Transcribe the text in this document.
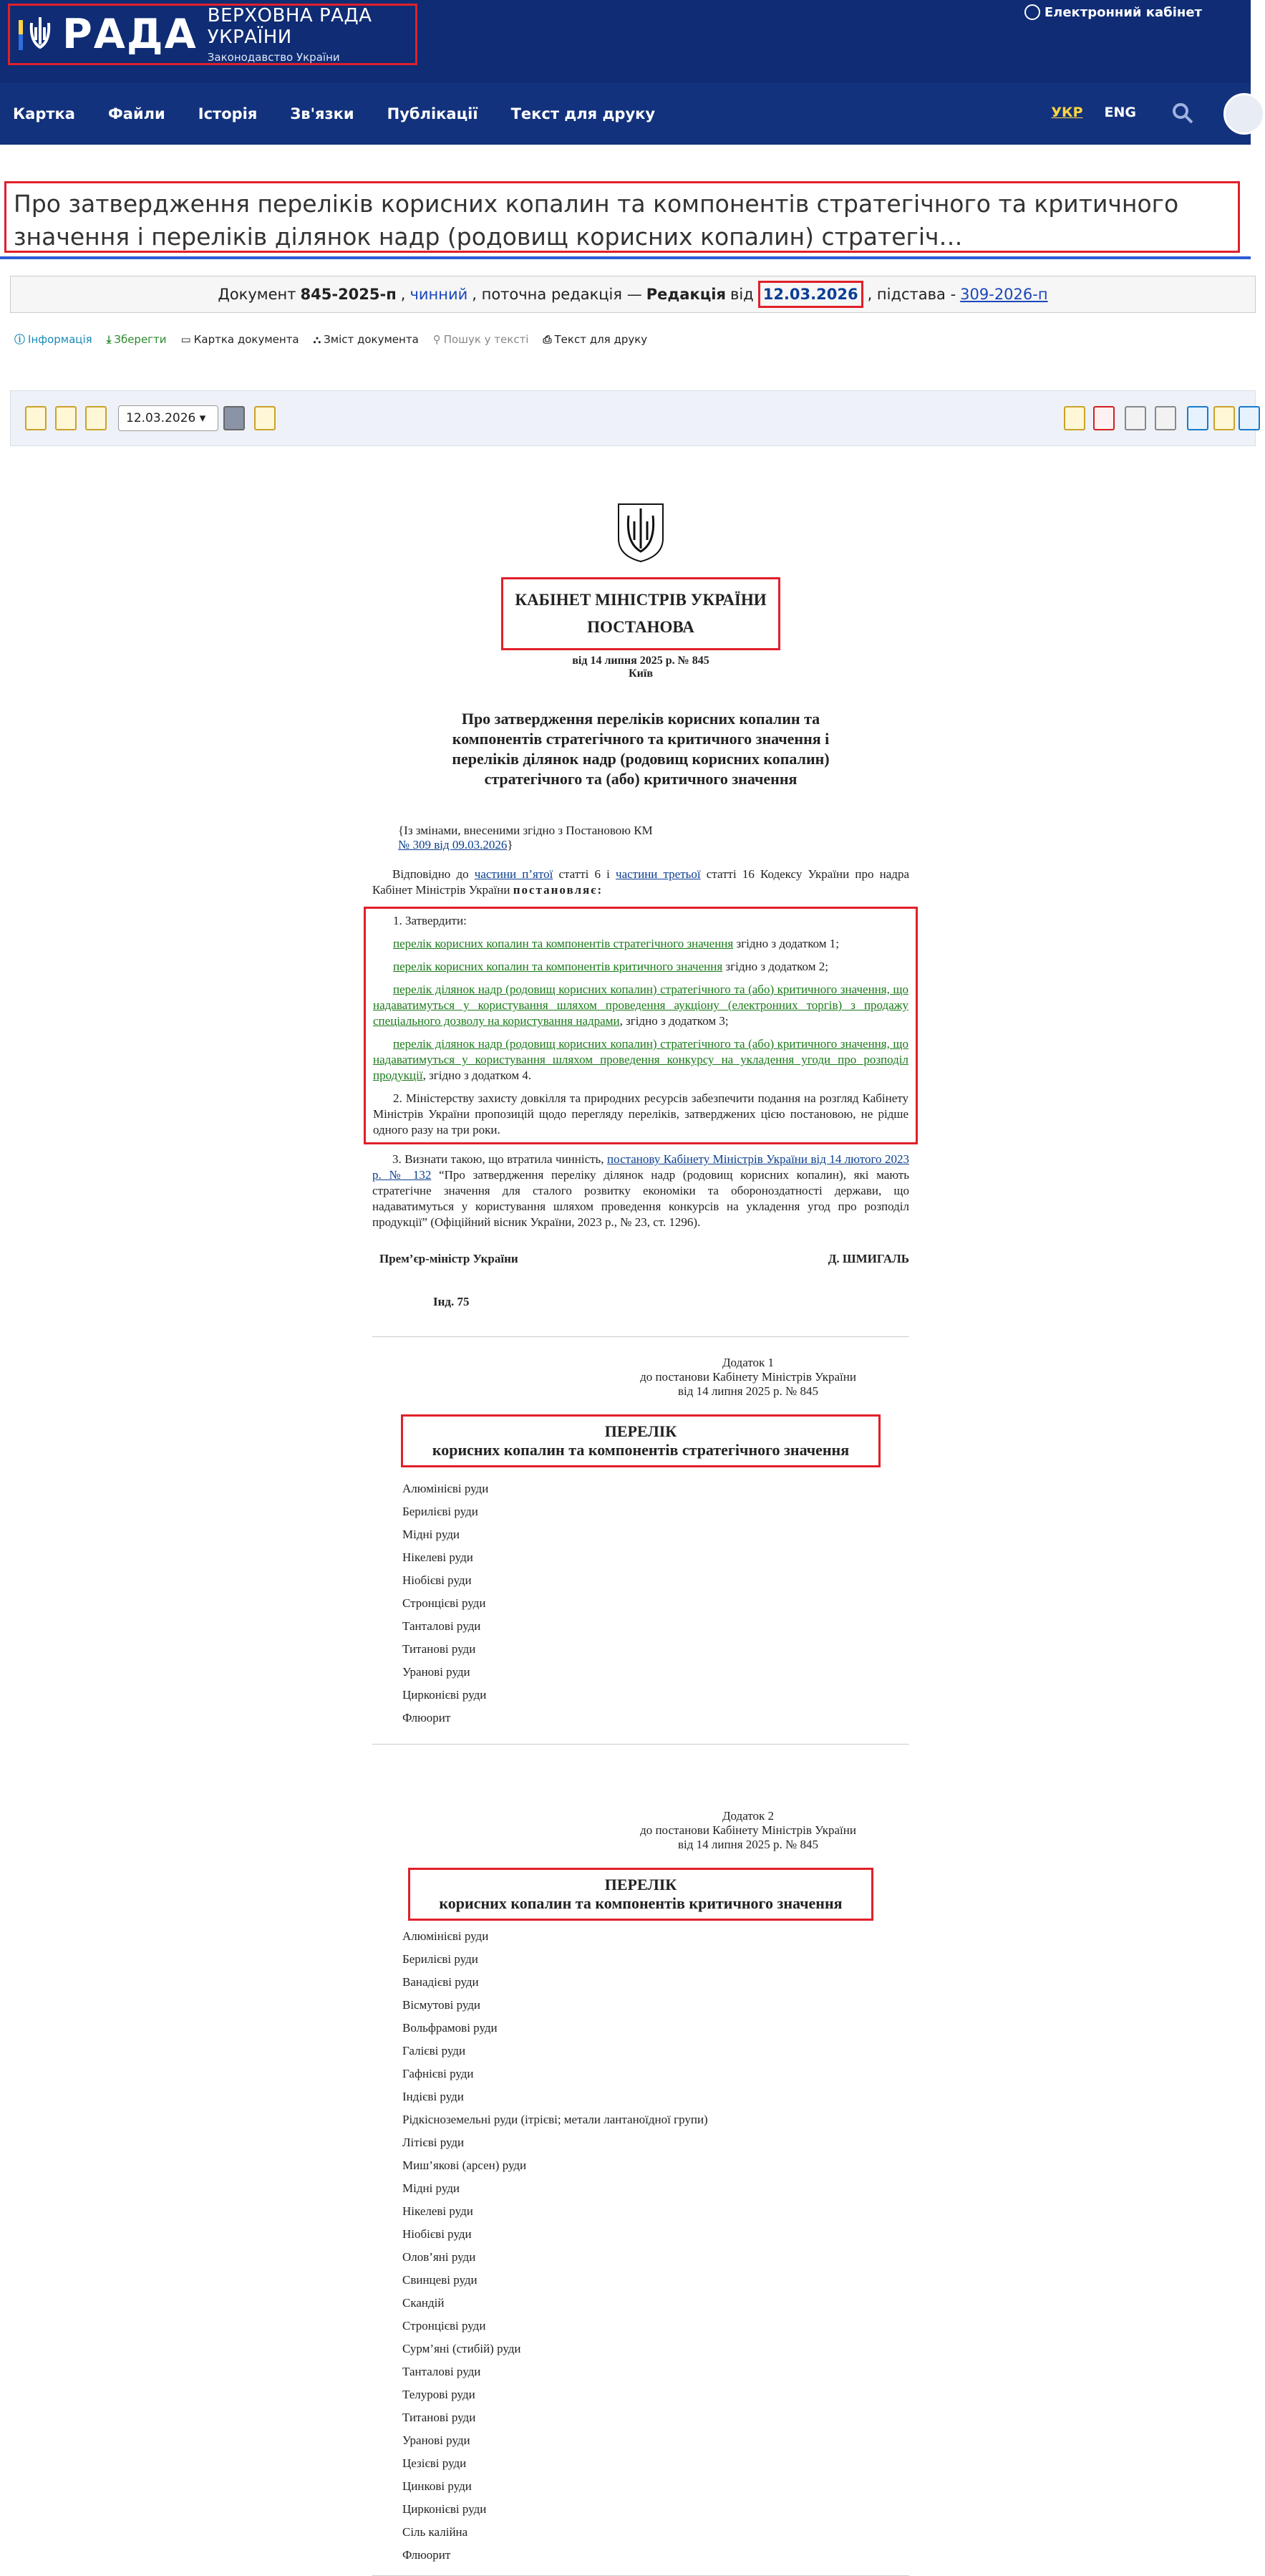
РАДА ВЕРХОВНА РАДА УКРАЇНИ
Законодавство України
Електронний кабінет
Картка Файли Історія Зв'язки Публікації Текст для друку	УКР ENG
Про затвердження переліків корисних копалин та компонентів стратегічного та критичного значення і переліків ділянок надр (родовищ корисних копалин) стратегіч…
Документ 845-2025-п , чинний , поточна редакція — Редакція від 12.03.2026 , підстава - 309-2026-п
ⓘ Інформація ⤓ Зберегти ▭ Картка документа ⛬ Зміст документа ⚲ Пошук у тексті ⎙ Текст для друку
12.03.2026 ▾
КАБІНЕТ МІНІСТРІВ УКРАЇНИ
ПОСТАНОВА
від 14 липня 2025 р. № 845
Київ
Про затвердження переліків корисних копалин та компонентів стратегічного та критичного значення і переліків ділянок надр (родовищ корисних копалин) стратегічного та (або) критичного значення

{Із змінами, внесеними згідно з Постановою КМ
№ 309 від 09.03.2026}

Відповідно до частини п’ятої статті 6 і частини третьої статті 16 Кодексу України про надра Кабінет Міністрів України постановляє:

1. Затвердити:

перелік корисних копалин та компонентів стратегічного значення згідно з додатком 1;

перелік корисних копалин та компонентів критичного значення згідно з додатком 2;

перелік ділянок надр (родовищ корисних копалин) стратегічного та (або) критичного значення, що надаватимуться у користування шляхом проведення аукціону (електронних торгів) з продажу спеціального дозволу на користування надрами, згідно з додатком 3;

перелік ділянок надр (родовищ корисних копалин) стратегічного та (або) критичного значення, що надаватимуться у користування шляхом проведення конкурсу на укладення угоди про розподіл продукції, згідно з додатком 4.

2. Міністерству захисту довкілля та природних ресурсів забезпечити подання на розгляд Кабінету Міністрів України пропозицій щодо перегляду переліків, затверджених цією постановою, не рідше одного разу на три роки.

3. Визнати такою, що втратила чинність, постанову Кабінету Міністрів України від 14 лютого 2023 р. № 132 “Про затвердження переліку ділянок надр (родовищ корисних копалин), які мають стратегічне значення для сталого розвитку економіки та обороноздатності держави, що надаватимуться у користування шляхом проведення конкурсів на укладення угод про розподіл продукції” (Офіційний вісник України, 2023 р., № 23, ст. 1296).

Прем’єр-міністр України	Д. ШМИГАЛЬ
Інд. 75
Додаток 1
до постанови Кабінету Міністрів України
від 14 липня 2025 р. № 845
ПЕРЕЛІК
корисних копалин та компонентів стратегічного значення
Алюмінієві руди
Берилієві руди
Мідні руди
Нікелеві руди
Ніобієві руди
Стронцієві руди
Танталові руди
Титанові руди
Уранові руди
Цирконієві руди
Флюорит
Додаток 2
до постанови Кабінету Міністрів України
від 14 липня 2025 р. № 845
ПЕРЕЛІК
корисних копалин та компонентів критичного значення
Алюмінієві руди
Берилієві руди
Ванадієві руди
Вісмутові руди
Вольфрамові руди
Галієві руди
Гафнієві руди
Індієві руди
Рідкісноземельні руди (ітрієві; метали лантаноїдної групи)
Літієві руди
Миш’якові (арсен) руди
Мідні руди
Нікелеві руди
Ніобієві руди
Олов’яні руди
Свинцеві руди
Скандій
Стронцієві руди
Сурм’яні (стибій) руди
Танталові руди
Телурові руди
Титанові руди
Уранові руди
Цезієві руди
Цинкові руди
Цирконієві руди
Сіль калійна
Флюорит
